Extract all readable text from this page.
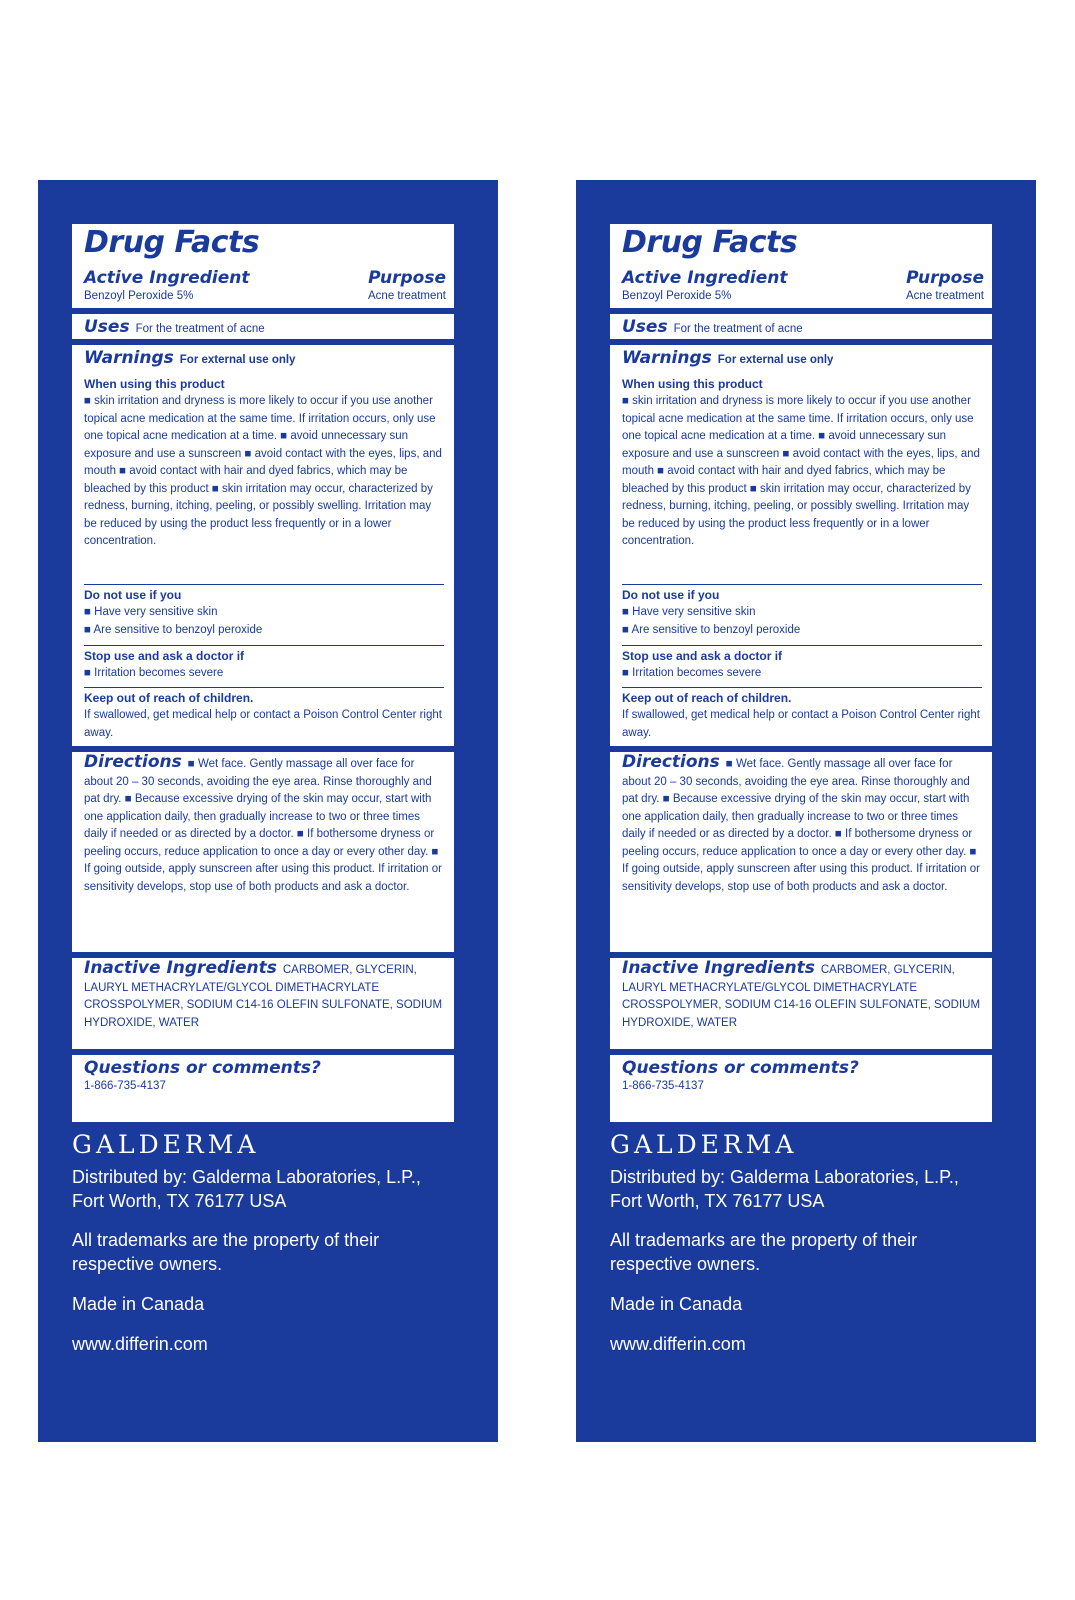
Drug Facts
Active Ingredient	Purpose
Benzoyl Peroxide 5%	Acne treatment
Uses For the treatment of acne
Warnings For external use only
When using this product
■ skin irritation and dryness is more likely to occur if you use another topical acne medication at the same time. If irritation occurs, only use one topical acne medication at a time. ■ avoid unnecessary sun exposure and use a sunscreen ■ avoid contact with the eyes, lips, and mouth ■ avoid contact with hair and dyed fabrics, which may be bleached by this product ■ skin irritation may occur, characterized by redness, burning, itching, peeling, or possibly swelling. Irritation may be reduced by using the product less frequently or in a lower concentration.
Do not use if you
■ Have very sensitive skin
■ Are sensitive to benzoyl peroxide
Stop use and ask a doctor if
■ Irritation becomes severe
Keep out of reach of children.
If swallowed, get medical help or contact a Poison Control Center right away.
Directions ■ Wet face. Gently massage all over face for about 20 – 30 seconds, avoiding the eye area. Rinse thoroughly and pat dry. ■ Because excessive drying of the skin may occur, start with one application daily, then gradually increase to two or three times daily if needed or as directed by a doctor. ■ If bothersome dryness or peeling occurs, reduce application to once a day or every other day. ■ If going outside, apply sunscreen after using this product. If irritation or sensitivity develops, stop use of both products and ask a doctor.
Inactive Ingredients CARBOMER, GLYCERIN, LAURYL METHACRYLATE/GLYCOL DIMETHACRYLATE CROSSPOLYMER, SODIUM C14-16 OLEFIN SULFONATE, SODIUM HYDROXIDE, WATER
Questions or comments?
1-866-735-4137
GALDERMA
Distributed by: Galderma Laboratories, L.P., Fort Worth, TX 76177 USA
All trademarks are the property of their respective owners.
Made in Canada
www.differin.com
Drug Facts
Active Ingredient	Purpose
Benzoyl Peroxide 5%	Acne treatment
Uses For the treatment of acne
Warnings For external use only
When using this product
■ skin irritation and dryness is more likely to occur if you use another topical acne medication at the same time. If irritation occurs, only use one topical acne medication at a time. ■ avoid unnecessary sun exposure and use a sunscreen ■ avoid contact with the eyes, lips, and mouth ■ avoid contact with hair and dyed fabrics, which may be bleached by this product ■ skin irritation may occur, characterized by redness, burning, itching, peeling, or possibly swelling. Irritation may be reduced by using the product less frequently or in a lower concentration.
Do not use if you
■ Have very sensitive skin
■ Are sensitive to benzoyl peroxide
Stop use and ask a doctor if
■ Irritation becomes severe
Keep out of reach of children.
If swallowed, get medical help or contact a Poison Control Center right away.
Directions ■ Wet face. Gently massage all over face for about 20 – 30 seconds, avoiding the eye area. Rinse thoroughly and pat dry. ■ Because excessive drying of the skin may occur, start with one application daily, then gradually increase to two or three times daily if needed or as directed by a doctor. ■ If bothersome dryness or peeling occurs, reduce application to once a day or every other day. ■ If going outside, apply sunscreen after using this product. If irritation or sensitivity develops, stop use of both products and ask a doctor.
Inactive Ingredients CARBOMER, GLYCERIN, LAURYL METHACRYLATE/GLYCOL DIMETHACRYLATE CROSSPOLYMER, SODIUM C14-16 OLEFIN SULFONATE, SODIUM HYDROXIDE, WATER
Questions or comments?
1-866-735-4137
GALDERMA
Distributed by: Galderma Laboratories, L.P., Fort Worth, TX 76177 USA
All trademarks are the property of their respective owners.
Made in Canada
www.differin.com
